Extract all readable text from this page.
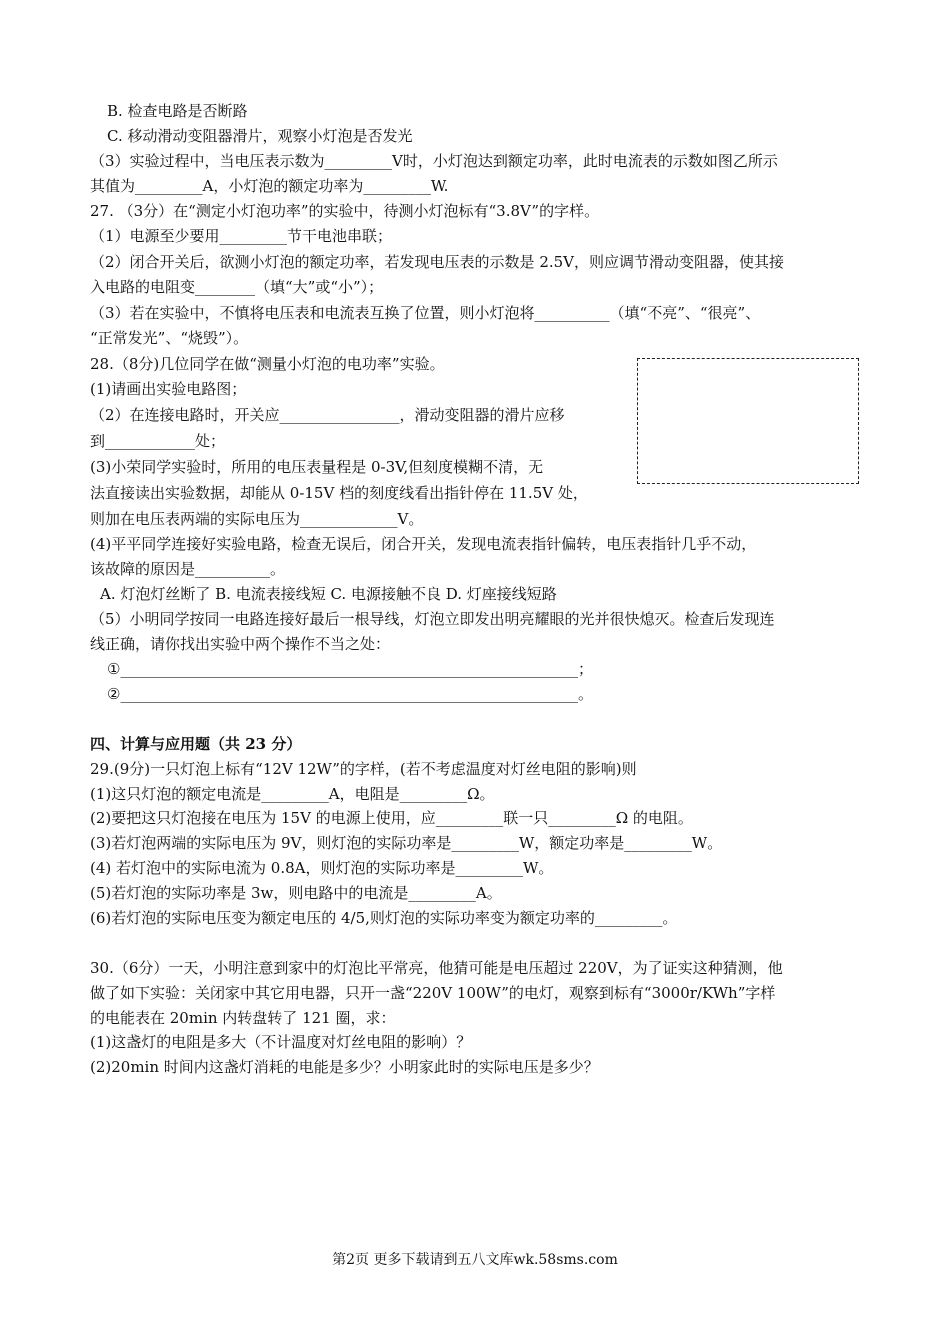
B. 检查电路是否断路
C. 移动滑动变阻器滑片，观察小灯泡是否发光
（3）实验过程中，当电压表示数为_________V时，小灯泡达到额定功率，此时电流表的示数如图乙所示
其值为_________A，小灯泡的额定功率为_________W.
27. （3分）在“测定小灯泡功率”的实验中，待测小灯泡标有“3.8V”的字样。
（1）电源至少要用_________节干电池串联；
（2）闭合开关后，欲测小灯泡的额定功率，若发现电压表的示数是 2.5V，则应调节滑动变阻器，使其接
入电路的电阻变________（填“大”或“小”）；
（3）若在实验中，不慎将电压表和电流表互换了位置，则小灯泡将__________（填“不亮”、“很亮”、
“正常发光”、“烧毁”）。
28.（8分)几位同学在做“测量小灯泡的电功率”实验。
(1)请画出实验电路图；
（2）在连接电路时，开关应________________，滑动变阻器的滑片应移
到____________处；
(3)小荣同学实验时，所用的电压表量程是 0-3V,但刻度模糊不清，无
法直接读出实验数据，却能从 0-15V 档的刻度线看出指针停在 11.5V 处，
则加在电压表两端的实际电压为_____________V。
(4)平平同学连接好实验电路，检查无误后，闭合开关，发现电流表指针偏转，电压表指针几乎不动，
该故障的原因是__________。
A. 灯泡灯丝断了 B. 电流表接线短 C. 电源接触不良 D. 灯座接线短路
（5）小明同学按同一电路连接好最后一根导线，灯泡立即发出明亮耀眼的光并很快熄灭。检查后发现连
线正确，请你找出实验中两个操作不当之处：
①_____________________________________________________________；
②_____________________________________________________________。
四、计算与应用题（共 23 分）
29.(9分)一只灯泡上标有“12V 12W”的字样，(若不考虑温度对灯丝电阻的影响)则
(1)这只灯泡的额定电流是_________A，电阻是_________Ω。
(2)要把这只灯泡接在电压为 15V 的电源上使用，应_________联一只_________Ω 的电阻。
(3)若灯泡两端的实际电压为 9V，则灯泡的实际功率是_________W，额定功率是_________W。
(4) 若灯泡中的实际电流为 0.8A，则灯泡的实际功率是_________W。
(5)若灯泡的实际功率是 3w，则电路中的电流是_________A。
(6)若灯泡的实际电压变为额定电压的 4/5,则灯泡的实际功率变为额定功率的_________。
30.（6分）一天，小明注意到家中的灯泡比平常亮，他猜可能是电压超过 220V，为了证实这种猜测，他
做了如下实验：关闭家中其它用电器，只开一盏“220V 100W”的电灯，观察到标有“3000r/KWh”字样
的电能表在 20min 内转盘转了 121 圈，求：
(1)这盏灯的电阻是多大（不计温度对灯丝电阻的影响）？
(2)20min 时间内这盏灯消耗的电能是多少？小明家此时的实际电压是多少？
第2页 更多下载请到五八文库wk.58sms.com
